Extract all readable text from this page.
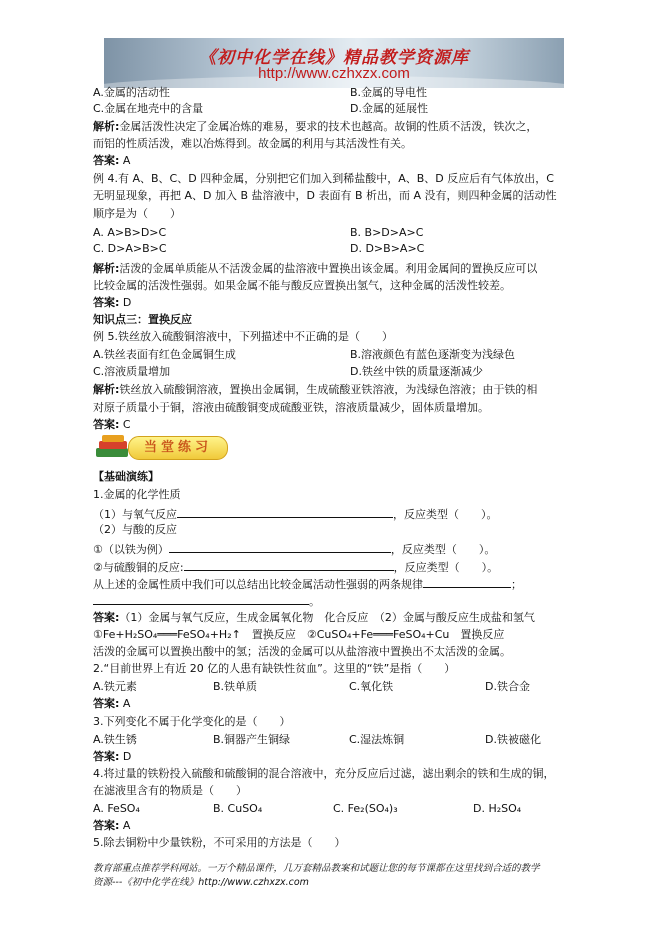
《初中化学在线》精品教学资源库
http://www.czhxzx.com
A.金属的活动性	B.金属的导电性
C.金属在地壳中的含量	D.金属的延展性
解析:金属活泼性决定了金属冶炼的难易，要求的技术也越高。故铜的性质不活泼，铁次之，
而铝的性质活泼，难以冶炼得到。故金属的利用与其活泼性有关。
答案: A
例 4.有 A、B、C、D 四种金属，分别把它们加入到稀盐酸中，A、B、D 反应后有气体放出，C
无明显现象，再把 A、D 加入 B 盐溶液中，D 表面有 B 析出，而 A 没有，则四种金属的活动性
顺序是为（　　）
A. A>B>D>C	B. B>D>A>C
C. D>A>B>C	D. D>B>A>C
解析:活泼的金属单质能从不活泼金属的盐溶液中置换出该金属。利用金属间的置换反应可以
比较金属的活泼性强弱。如果金属不能与酸反应置换出氢气，这种金属的活泼性较差。
答案: D
知识点三：置换反应
例 5.铁丝放入硫酸铜溶液中，下列描述中不正确的是（　　）
A.铁丝表面有红色金属铜生成	B.溶液颜色有蓝色逐渐变为浅绿色
C.溶液质量增加	D.铁丝中铁的质量逐渐减少
解析:铁丝放入硫酸铜溶液，置换出金属铜，生成硫酸亚铁溶液，为浅绿色溶液；由于铁的相
对原子质量小于铜，溶液由硫酸铜变成硫酸亚铁，溶液质量减少，固体质量增加。
答案: C
当堂练习
【基础演练】
1.金属的化学性质
（1）与氧气反应	，反应类型（　　）。
（2）与酸的反应
①（以铁为例）	，反应类型（　　）。
②与硫酸铜的反应:	，反应类型（　　）。
从上述的金属性质中我们可以总结出比较金属活动性强弱的两条规律	；
。
答案:（1）金属与氧气反应，生成金属氧化物　化合反应　（2）金属与酸反应生成盐和氢气
①Fe+H₂SO₄═══FeSO₄+H₂↑　置换反应　②CuSO₄+Fe═══FeSO₄+Cu　置换反应
活泼的金属可以置换出酸中的氢；活泼的金属可以从盐溶液中置换出不太活泼的金属。
2.“目前世界上有近 20 亿的人患有缺铁性贫血”。这里的“铁”是指（　　）
A.铁元素	B.铁单质	C.氧化铁	D.铁合金
答案: A
3.下列变化不属于化学变化的是（　　）
A.铁生锈	B.铜器产生铜绿	C.湿法炼铜	D.铁被磁化
答案: D
4.将过量的铁粉投入硫酸和硫酸铜的混合溶液中，充分反应后过滤，滤出剩余的铁和生成的铜，
在滤液里含有的物质是（　　）
A. FeSO₄	B. CuSO₄	C. Fe₂(SO₄)₃	D. H₂SO₄
答案: A
5.除去铜粉中少量铁粉，不可采用的方法是（　　）
教育部重点推荐学科网站。一万个精品课件，几万套精品教案和试题让您的每节课都在这里找到合适的教学
资源---《初中化学在线》http://www.czhxzx.com
